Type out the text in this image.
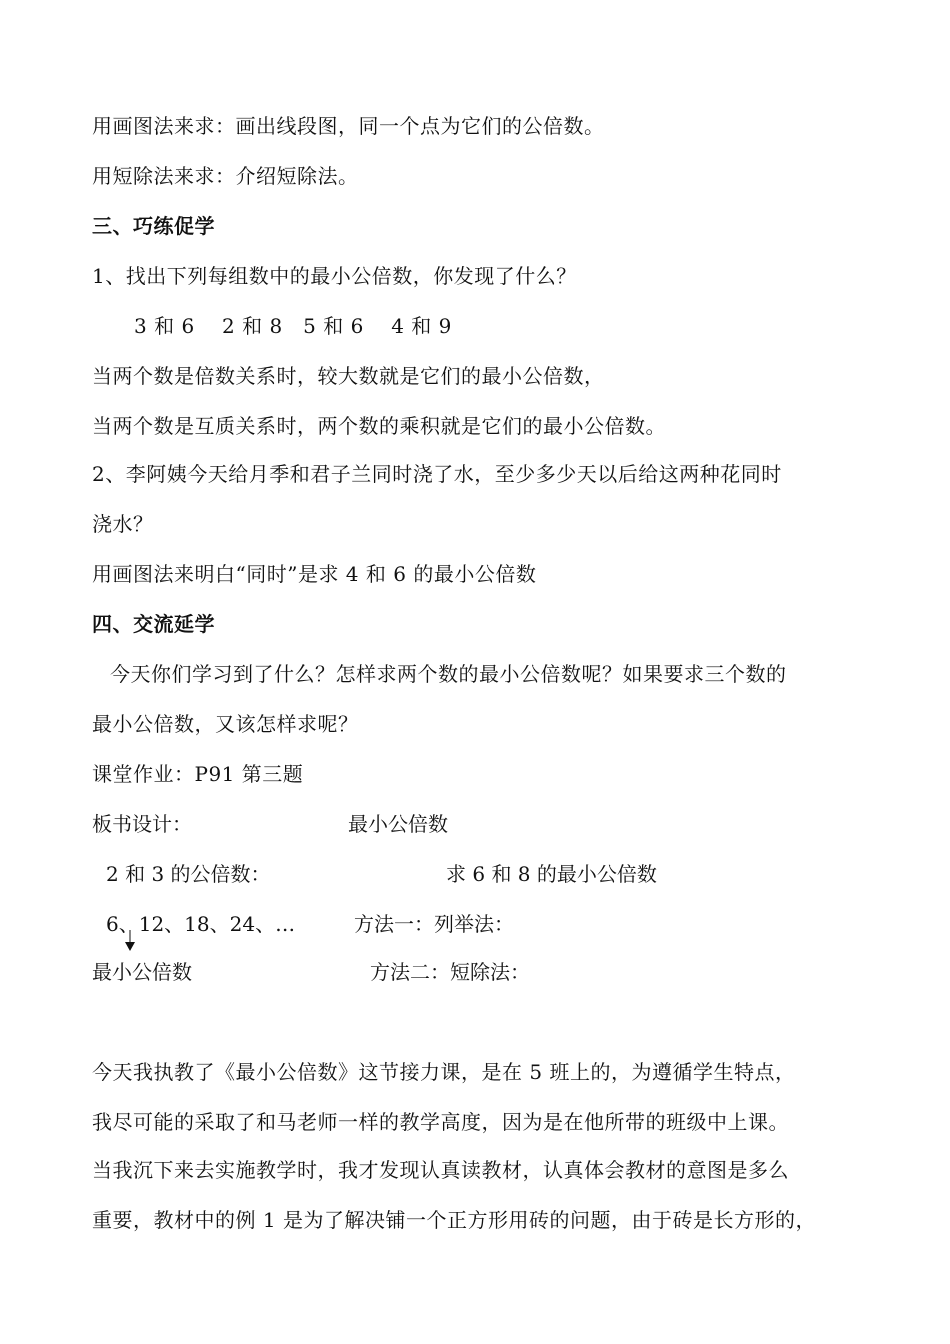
用画图法来求：画出线段图，同一个点为它们的公倍数。
用短除法来求：介绍短除法。
三、巧练促学
1、找出下列每组数中的最小公倍数，你发现了什么？
3 和 6　 2 和 8　5 和 6　 4 和 9
当两个数是倍数关系时，较大数就是它们的最小公倍数，
当两个数是互质关系时，两个数的乘积就是它们的最小公倍数。
2、李阿姨今天给月季和君子兰同时浇了水，至少多少天以后给这两种花同时
浇水？
用画图法来明白“同时”是求 4 和 6 的最小公倍数
四、交流延学
今天你们学习到了什么？怎样求两个数的最小公倍数呢？如果要求三个数的
最小公倍数，又该怎样求呢？
课堂作业：P91 第三题
板书设计：	最小公倍数
2 和 3 的公倍数：	求 6 和 8 的最小公倍数
6、12、18、24、…	方法一：列举法：
最小公倍数	方法二：短除法：
今天我执教了《最小公倍数》这节接力课，是在 5 班上的，为遵循学生特点，
我尽可能的采取了和马老师一样的教学高度，因为是在他所带的班级中上课。
当我沉下来去实施教学时，我才发现认真读教材，认真体会教材的意图是多么
重要，教材中的例 1 是为了解决铺一个正方形用砖的问题，由于砖是长方形的，
